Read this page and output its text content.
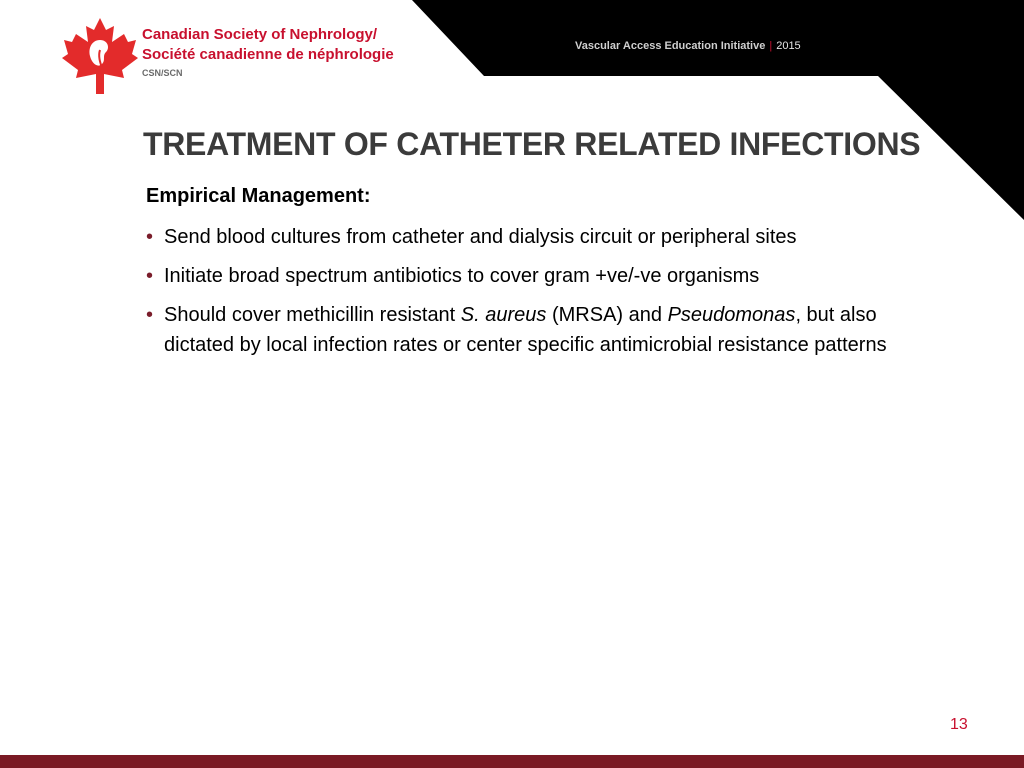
Canadian Society of Nephrology/
Société canadienne de néphrologie
CSN/SCN
Vascular Access Education Initiative | 2015
TREATMENT OF CATHETER RELATED INFECTIONS
Empirical Management:
• Send blood cultures from catheter and dialysis circuit or peripheral sites
• Initiate broad spectrum antibiotics to cover gram +ve/-ve organisms
• Should cover methicillin resistant S. aureus (MRSA) and Pseudomonas, but also dictated by local infection rates or center specific antimicrobial resistance patterns
13
